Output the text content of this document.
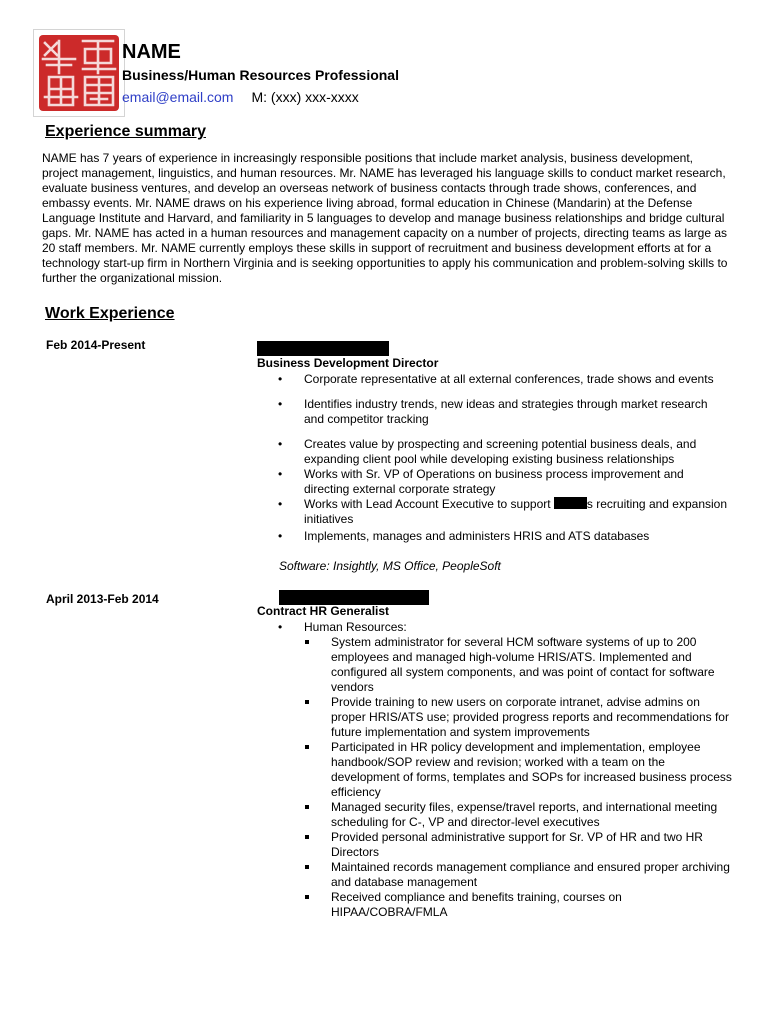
NAME
Business/Human Resources Professional
email@email.com M: (xxx) xxx-xxxx
Experience summary

NAME has 7 years of experience in increasingly responsible positions that include market analysis, business development, project management, linguistics, and human resources. Mr. NAME has leveraged his language skills to conduct market research, evaluate business ventures, and develop an overseas network of business contacts through trade shows, conferences, and embassy events. Mr. NAME draws on his experience living abroad, formal education in Chinese (Mandarin) at the Defense Language Institute and Harvard, and familiarity in 5 languages to develop and manage business relationships and bridge cultural gaps. Mr. NAME has acted in a human resources and management capacity on a number of projects, directing teams as large as 20 staff members. Mr. NAME currently employs these skills in support of recruitment and business development efforts at for a technology start-up firm in Northern Virginia and is seeking opportunities to apply his communication and problem-solving skills to further the organizational mission.

Work Experience
Feb 2014-Present
Business Development Director
• Corporate representative at all external conferences, trade shows and events
• Identifies industry trends, new ideas and strategies through market research and competitor tracking
• Creates value by prospecting and screening potential business deals, and expanding client pool while developing existing business relationships
• Works with Sr. VP of Operations on business process improvement and directing external corporate strategy
• Works with Lead Account Executive to support	s recruiting and expansion initiatives
• Implements, manages and administers HRIS and ATS databases
Software: Insightly, MS Office, PeopleSoft
April 2013-Feb 2014
Contract HR Generalist
• Human Resources:
System administrator for several HCM software systems of up to 200 employees and managed high-volume HRIS/ATS. Implemented and configured all system components, and was point of contact for software vendors
Provide training to new users on corporate intranet, advise admins on proper HRIS/ATS use; provided progress reports and recommendations for future implementation and system improvements
Participated in HR policy development and implementation, employee handbook/SOP review and revision; worked with a team on the development of forms, templates and SOPs for increased business process efficiency
Managed security files, expense/travel reports, and international meeting scheduling for C-, VP and director-level executives
Provided personal administrative support for Sr. VP of HR and two HR Directors
Maintained records management compliance and ensured proper archiving and database management
Received compliance and benefits training, courses on HIPAA/COBRA/FMLA
